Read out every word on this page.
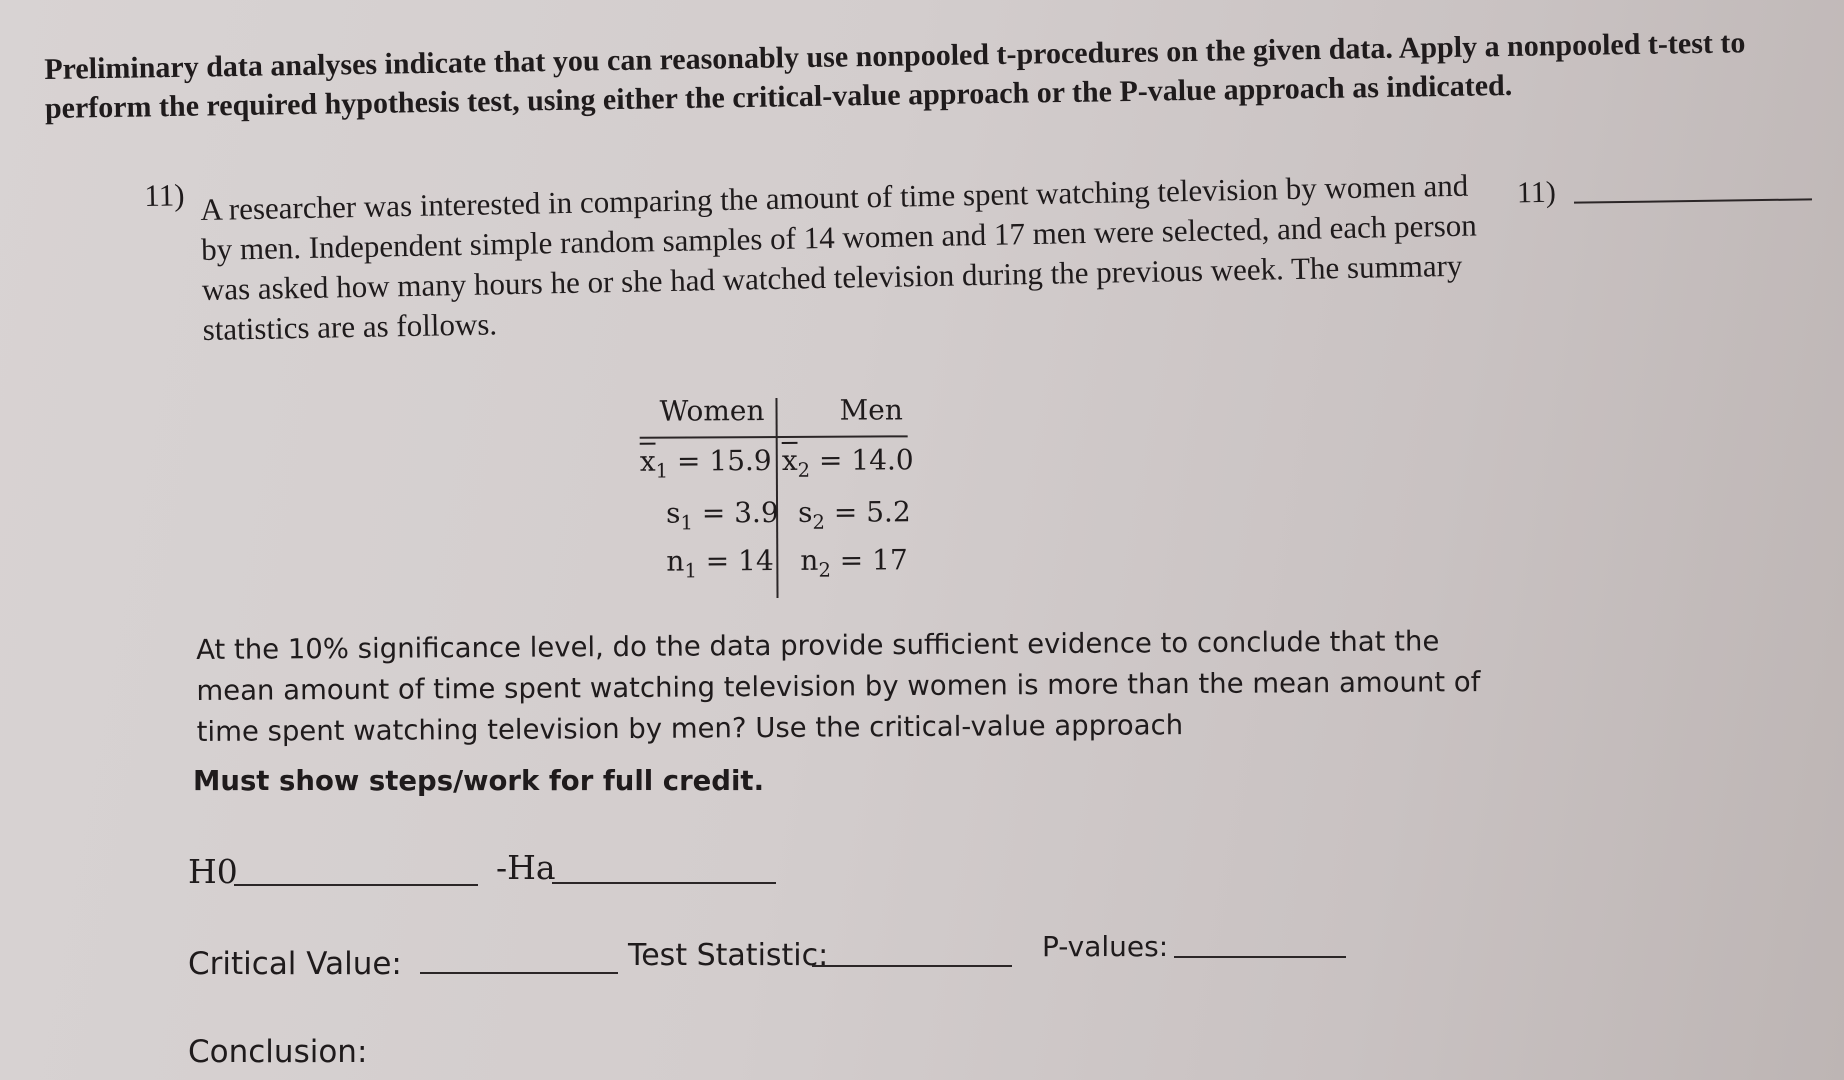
Preliminary data analyses indicate that you can reasonably use nonpooled t-procedures on the given data. Apply a nonpooled t-test to perform the required hypothesis test, using either the critical-value approach or the P-value approach as indicated.
11) A researcher was interested in comparing the amount of time spent watching television by women and by men. Independent simple random samples of 14 women and 17 men were selected, and each person was asked how many hours he or she had watched television during the previous week. The summary statistics are as follows.
11)
Women	Men
$\overline{x}_1 = 15.9$ $\overline{x}_2 = 14.0$
$s_1 = 3.9$ $s_2 = 5.2$
$n_1 = 14$ $n_2 = 17$
At the 10% significance level, do the data provide sufficient evidence to conclude that the mean amount of time spent watching television by women is more than the mean amount of time spent watching television by men? Use the critical-value approach
Must show steps/work for full credit.
H0	-Ha
Critical Value:	Test Statistic:	P-values:
Conclusion:
